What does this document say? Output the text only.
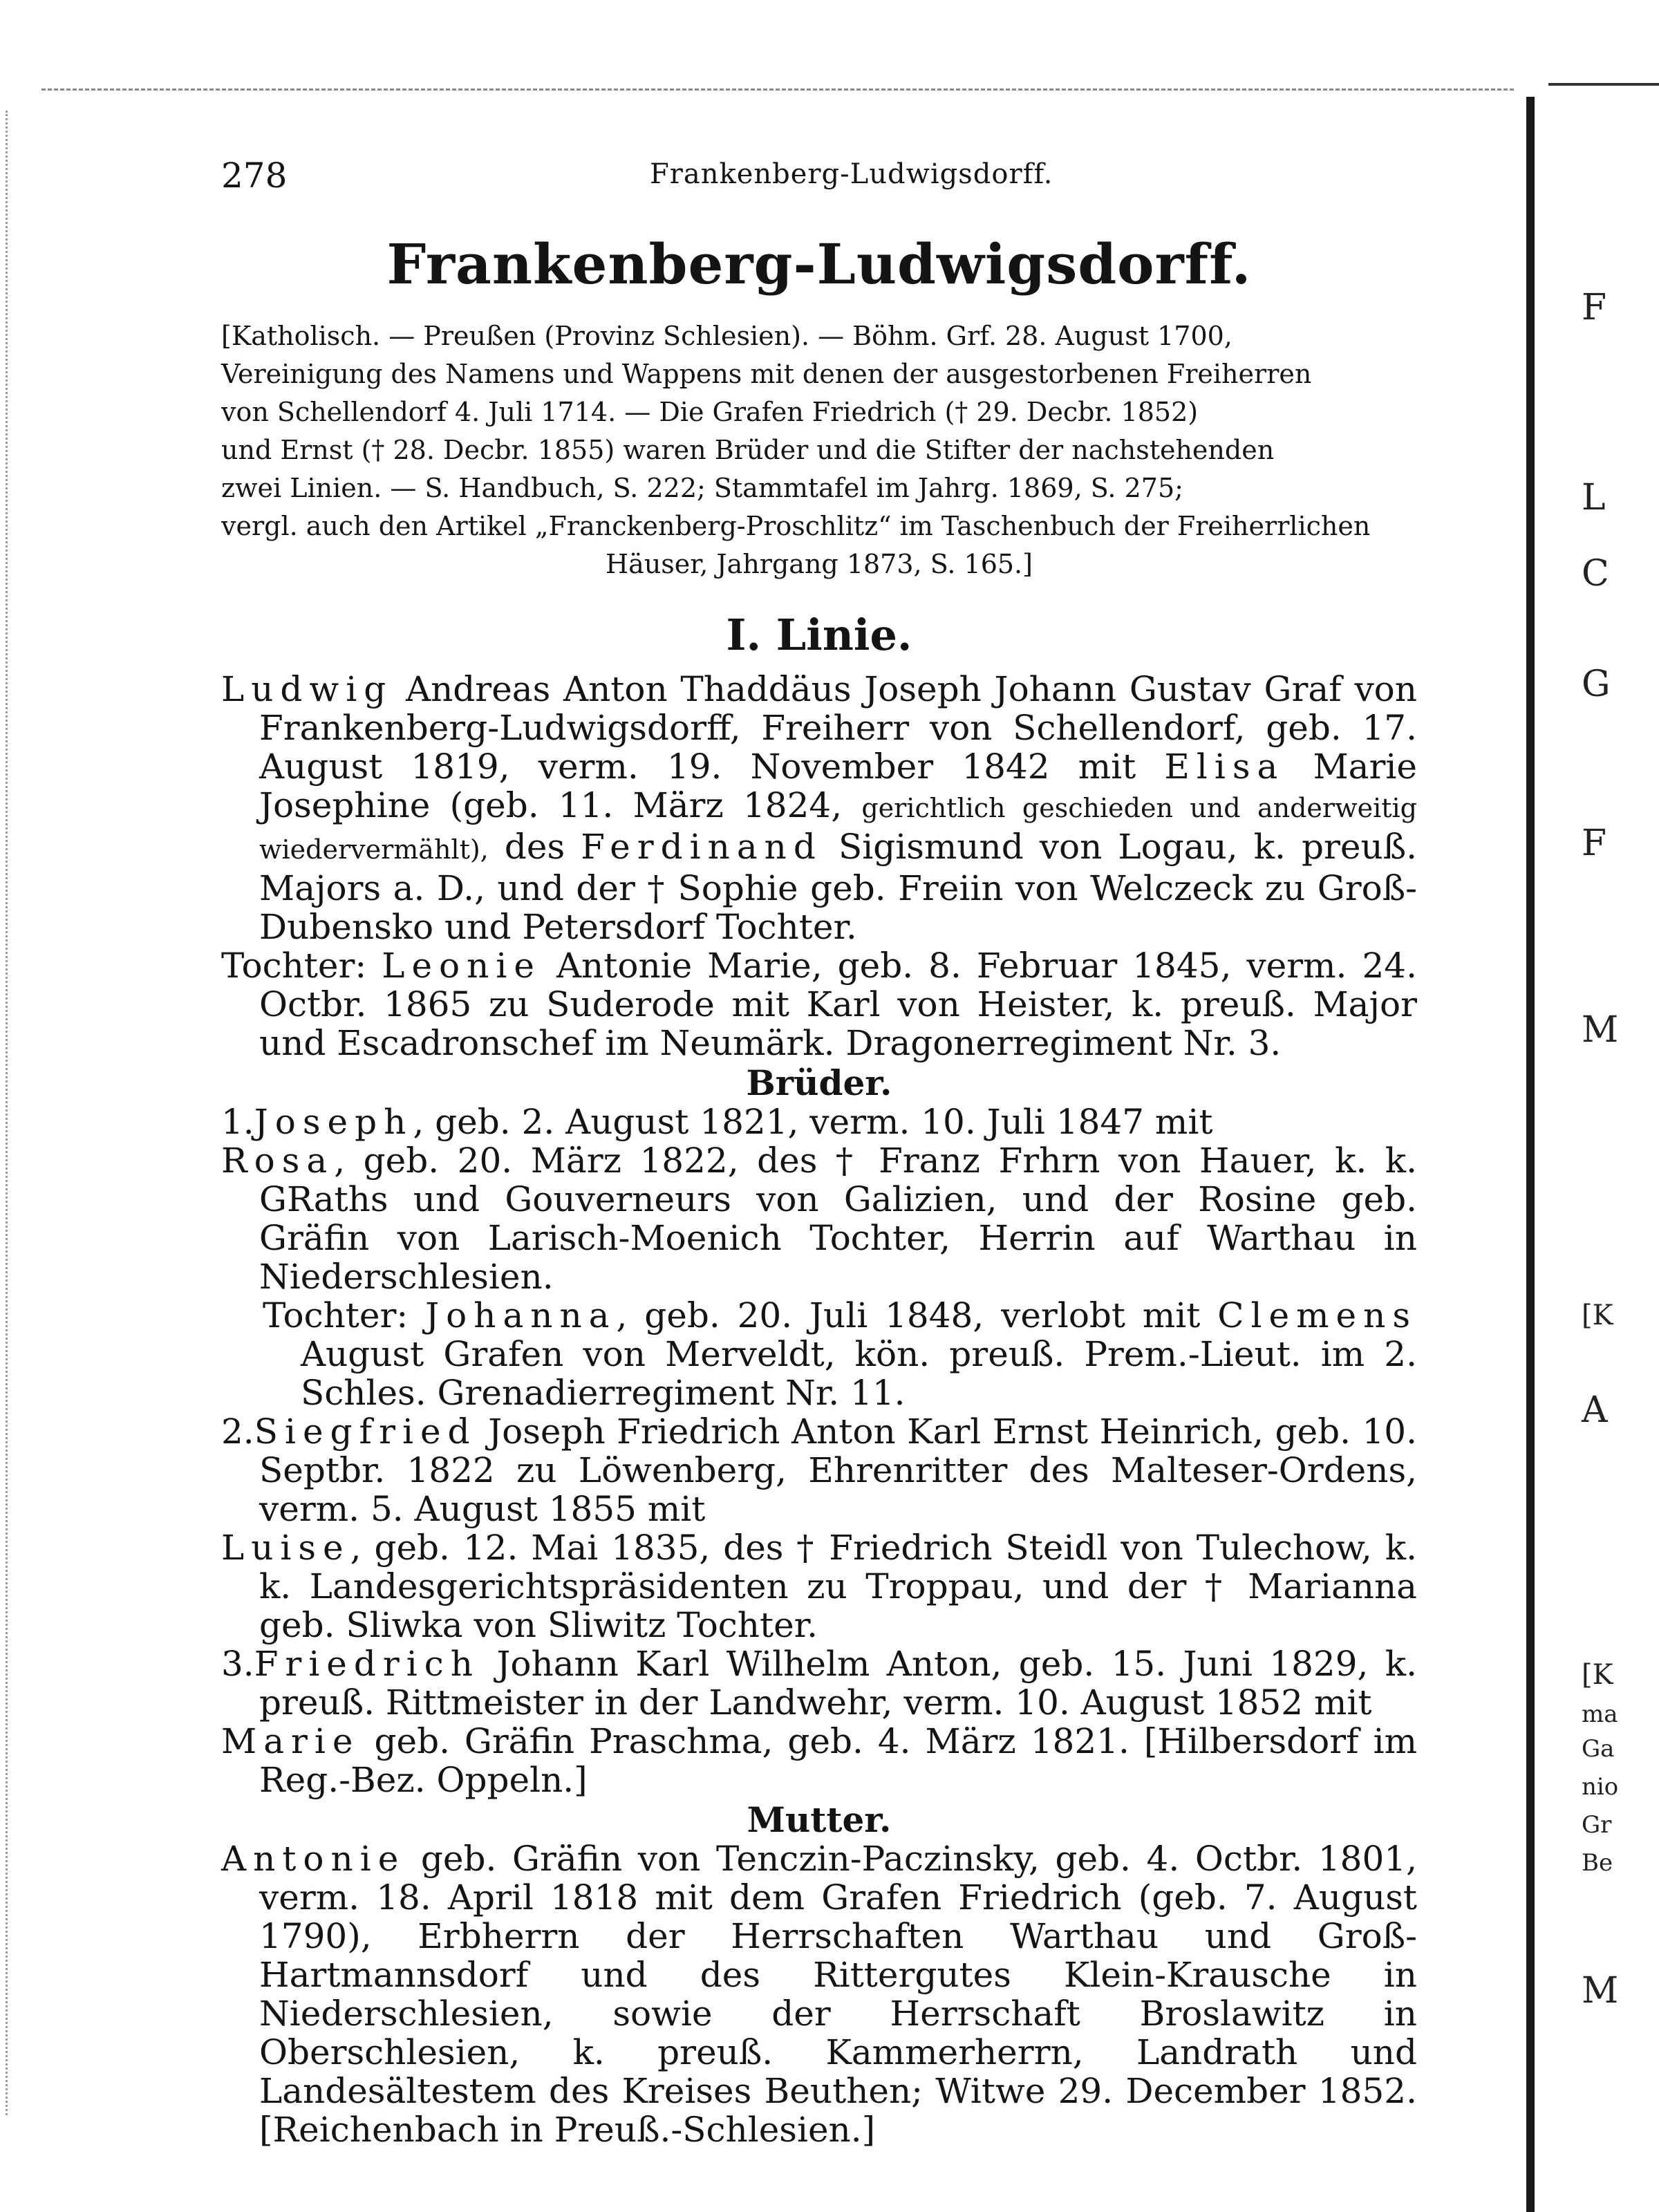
F
L
C
G
F
M
[K
A
[K
ma
Ga
nio
Gr
Be
M
278	Frankenberg-Ludwigsdorff.
Frankenberg-Ludwigsdorff.
[Katholisch. — Preußen (Provinz Schlesien). — Böhm. Grf. 28. August 1700,
Vereinigung des Namens und Wappens mit denen der ausgestorbenen Freiherren
von Schellendorf 4. Juli 1714. — Die Grafen Friedrich († 29. Decbr. 1852)
und Ernst († 28. Decbr. 1855) waren Brüder und die Stifter der nachstehenden
zwei Linien. — S. Handbuch, S. 222; Stammtafel im Jahrg. 1869, S. 275;
vergl. auch den Artikel „Franckenberg-Proschlitz“ im Taschenbuch der Freiherrlichen
Häuser, Jahrgang 1873, S. 165.]
I. Linie.

Ludwig Andreas Anton Thaddäus Joseph Johann Gustav Graf von Frankenberg-Ludwigsdorff, Freiherr von Schellendorf, geb. 17. August 1819, verm. 19. November 1842 mit Elisa Marie Josephine (geb. 11. März 1824, gerichtlich geschieden und anderweitig wiedervermählt), des Ferdinand Sigismund von Logau, k. preuß. Majors a. D., und der † Sophie geb. Freiin von Welczeck zu Groß-Dubensko und Petersdorf Tochter.

Tochter: Leonie Antonie Marie, geb. 8. Februar 1845, verm. 24. Octbr. 1865 zu Suderode mit Karl von Heister, k. preuß. Major und Escadronschef im Neumärk. Dragonerregiment Nr. 3.

Brüder.

1.Joseph, geb. 2. August 1821, verm. 10. Juli 1847 mit

Rosa, geb. 20. März 1822, des † Franz Frhrn von Hauer, k. k. GRaths und Gouverneurs von Galizien, und der Rosine geb. Gräfin von Larisch-Moenich Tochter, Herrin auf Warthau in Niederschlesien.

Tochter: Johanna, geb. 20. Juli 1848, verlobt mit Clemens August Grafen von Merveldt, kön. preuß. Prem.-Lieut. im 2. Schles. Grenadierregiment Nr. 11.

2.Siegfried Joseph Friedrich Anton Karl Ernst Heinrich, geb. 10. Septbr. 1822 zu Löwenberg, Ehrenritter des Malteser-Ordens, verm. 5. August 1855 mit

Luise, geb. 12. Mai 1835, des † Friedrich Steidl von Tulechow, k. k. Landesgerichtspräsidenten zu Troppau, und der † Marianna geb. Sliwka von Sliwitz Tochter.

3.Friedrich Johann Karl Wilhelm Anton, geb. 15. Juni 1829, k. preuß. Rittmeister in der Landwehr, verm. 10. August 1852 mit

Marie geb. Gräfin Praschma, geb. 4. März 1821. [Hilbersdorf im Reg.-Bez. Oppeln.]

Mutter.

Antonie geb. Gräfin von Tenczin-Paczinsky, geb. 4. Octbr. 1801, verm. 18. April 1818 mit dem Grafen Friedrich (geb. 7. August 1790), Erbherrn der Herrschaften Warthau und Groß-Hartmannsdorf und des Rittergutes Klein-Krausche in Niederschlesien, sowie der Herrschaft Broslawitz in Oberschlesien, k. preuß. Kammerherrn, Landrath und Landesältestem des Kreises Beuthen; Witwe 29. December 1852. [Reichenbach in Preuß.-Schlesien.]
